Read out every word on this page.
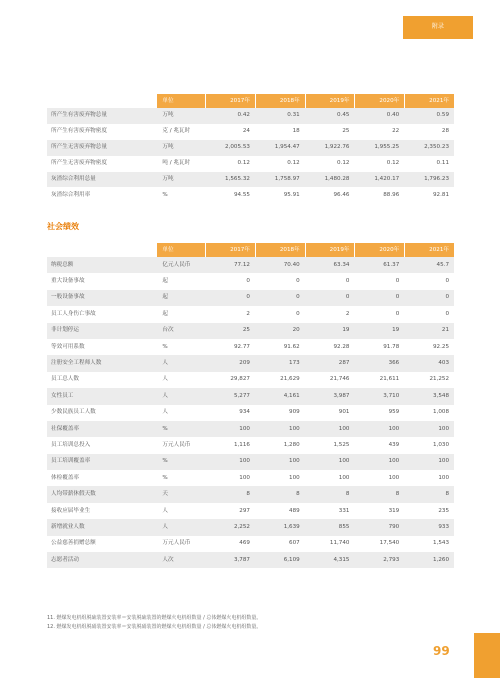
附录
单位	2017年	2018年	2019年	2020年	2021年
所产生有害废弃物总量	万吨	0.42	0.31	0.45	0.40	0.59
所产生有害废弃物密度	克 / 兆瓦时	24	18	25	22	28
所产生无害废弃物总量	万吨	2,005.53	1,954.47	1,922.76	1,955.25	2,350.23
所产生无害废弃物密度	吨 / 兆瓦时	0.12	0.12	0.12	0.12	0.11
灰渣综合利用总量	万吨	1,565.32	1,758.97	1,480.28	1,420.17	1,796.23
灰渣综合利用率	%	94.55	95.91	96.46	88.96	92.81
社会绩效
单位	2017年	2018年	2019年	2020年	2021年
纳税总额	亿元人民币	77.12	70.40	63.34	61.37	45.7
重大设备事故	起	0	0	0	0	0
一般设备事故	起	0	0	0	0	0
员工人身伤亡事故	起	2	0	2	0	0
非计划停运	台次	25	20	19	19	21
等效可用系数	%	92.77	91.62	92.28	91.78	92.25
注册安全工程师人数	人	209	173	287	366	403
员工总人数	人	29,827	21,629	21,746	21,611	21,252
女性员工	人	5,277	4,161	3,987	3,710	3,548
少数民族员工人数	人	934	909	901	959	1,008
社保覆盖率	%	100	100	100	100	100
员工培训总投入	万元人民币	1,116	1,280	1,525	439	1,030
员工培训覆盖率	%	100	100	100	100	100
体检覆盖率	%	100	100	100	100	100
人均带薪休假天数	天	8	8	8	8	8
接收应届毕业生	人	297	489	331	319	235
新增就业人数	人	2,252	1,639	855	790	933
公益慈善捐赠总额	万元人民币	469	607	11,740	17,540	1,543
志愿者活动	人次	3,787	6,109	4,315	2,793	1,260
11. 燃煤发电机组脱硫装置安装率＝安装脱硫装置的燃煤火电机组数量 / 总体燃煤火电机组数量。
12. 燃煤发电机组脱硝装置安装率＝安装脱硝装置的燃煤火电机组数量 / 总体燃煤火电机组数量。
99
